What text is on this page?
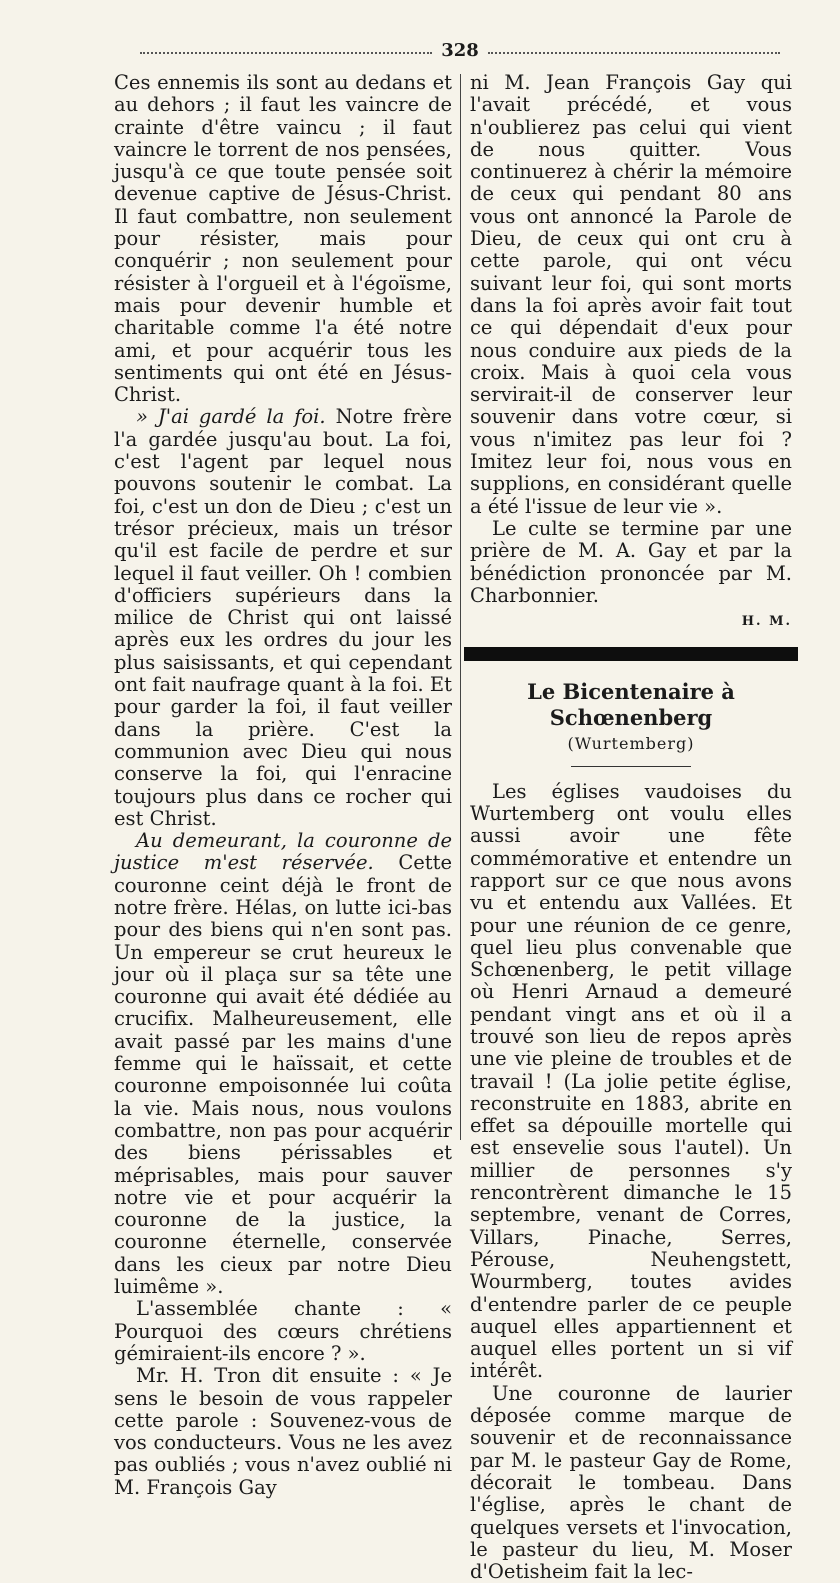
328

Ces ennemis ils sont au dedans et au dehors ; il faut les vaincre de crainte d'être vaincu ; il faut vaincre le torrent de nos pensées, jusqu'à ce que toute pensée soit devenue captive de Jésus-Christ. Il faut combattre, non seulement pour résister, mais pour conquérir ; non seulement pour résister à l'orgueil et à l'égoïsme, mais pour devenir humble et charitable comme l'a été notre ami, et pour acquérir tous les sentiments qui ont été en Jésus-Christ.

» J'ai gardé la foi. Notre frère l'a gardée jusqu'au bout. La foi, c'est l'agent par lequel nous pouvons soutenir le combat. La foi, c'est un don de Dieu ; c'est un trésor précieux, mais un trésor qu'il est facile de perdre et sur lequel il faut veiller. Oh ! combien d'officiers supérieurs dans la milice de Christ qui ont laissé après eux les ordres du jour les plus saisissants, et qui cependant ont fait naufrage quant à la foi. Et pour garder la foi, il faut veiller dans la prière. C'est la communion avec Dieu qui nous conserve la foi, qui l'enracine toujours plus dans ce rocher qui est Christ.

Au demeurant, la couronne de justice m'est réservée. Cette couronne ceint déjà le front de notre frère. Hélas, on lutte ici-bas pour des biens qui n'en sont pas. Un empereur se crut heureux le jour où il plaça sur sa tête une couronne qui avait été dédiée au crucifix. Malheureusement, elle avait passé par les mains d'une femme qui le haïssait, et cette couronne empoisonnée lui coûta la vie. Mais nous, nous voulons combattre, non pas pour acquérir des biens périssables et méprisables, mais pour sauver notre vie et pour acquérir la couronne de la justice, la couronne éternelle, conservée dans les cieux par notre Dieu luimême ».

L'assemblée chante : « Pourquoi des cœurs chrétiens gémiraient-ils encore ? ».

Mr. H. Tron dit ensuite : « Je sens le besoin de vous rappeler cette parole : Souvenez-vous de vos conducteurs. Vous ne les avez pas oubliés ; vous n'avez oublié ni M. François Gay

ni M. Jean François Gay qui l'avait précédé, et vous n'oublierez pas celui qui vient de nous quitter. Vous continuerez à chérir la mémoire de ceux qui pendant 80 ans vous ont annoncé la Parole de Dieu, de ceux qui ont cru à cette parole, qui ont vécu suivant leur foi, qui sont morts dans la foi après avoir fait tout ce qui dépendait d'eux pour nous conduire aux pieds de la croix. Mais à quoi cela vous servirait-il de conserver leur souvenir dans votre cœur, si vous n'imitez pas leur foi ? Imitez leur foi, nous vous en supplions, en considérant quelle a été l'issue de leur vie ».

Le culte se termine par une prière de M. A. Gay et par la bénédiction prononcée par M. Charbonnier.

H. M.
Le Bicentenaire à Schœnenberg
(Wurtemberg)

Les églises vaudoises du Wurtemberg ont voulu elles aussi avoir une fête commémorative et entendre un rapport sur ce que nous avons vu et entendu aux Vallées. Et pour une réunion de ce genre, quel lieu plus convenable que Schœnenberg, le petit village où Henri Arnaud a demeuré pendant vingt ans et où il a trouvé son lieu de repos après une vie pleine de troubles et de travail ! (La jolie petite église, reconstruite en 1883, abrite en effet sa dépouille mortelle qui est ensevelie sous l'autel). Un millier de personnes s'y rencontrèrent dimanche le 15 septembre, venant de Corres, Villars, Pinache, Serres, Pérouse, Neuhengstett, Wourmberg, toutes avides d'entendre parler de ce peuple auquel elles appartiennent et auquel elles portent un si vif intérêt.

Une couronne de laurier déposée comme marque de souvenir et de reconnaissance par M. le pasteur Gay de Rome, décorait le tombeau. Dans l'église, après le chant de quelques versets et l'invocation, le pasteur du lieu, M. Moser d'Oetisheim fait la lec-
